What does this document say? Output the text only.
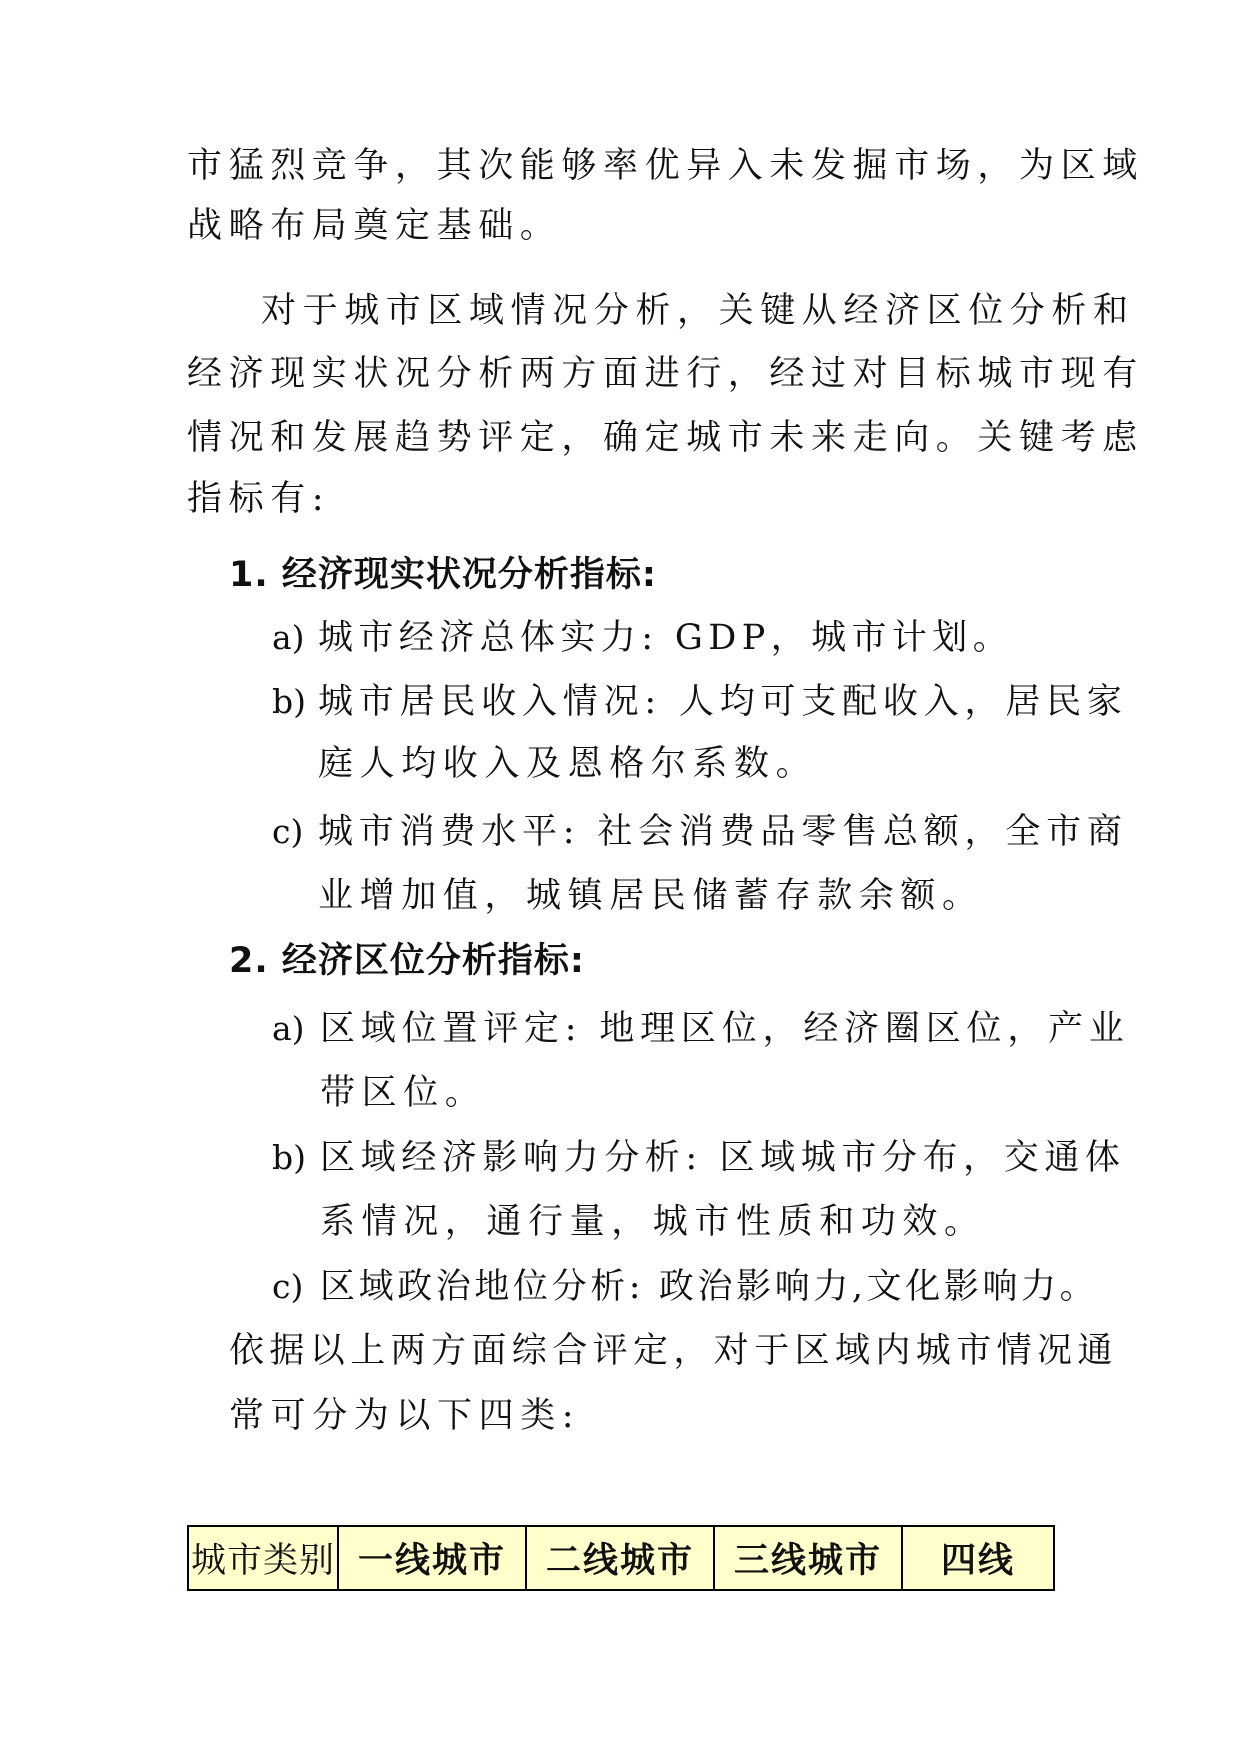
市猛烈竞争，其次能够率优异入未发掘市场，为区域
战略布局奠定基础。
对于城市区域情况分析，关键从经济区位分析和
经济现实状况分析两方面进行，经过对目标城市现有
情况和发展趋势评定，确定城市未来走向。关键考虑
指标有:
1. 经济现实状况分析指标:
a) 城市经济总体实力: GDP，城市计划。
b) 城市居民收入情况: 人均可支配收入，居民家
庭人均收入及恩格尔系数。
c) 城市消费水平: 社会消费品零售总额，全市商
业增加值，城镇居民储蓄存款余额。
2. 经济区位分析指标:
a) 区域位置评定: 地理区位，经济圈区位，产业
带区位。
b) 区域经济影响力分析: 区域城市分布，交通体
系情况，通行量，城市性质和功效。
c) 区域政治地位分析: 政治影响力,文化影响力。
依据以上两方面综合评定，对于区域内城市情况通
常可分为以下四类:
城市类别	一线城市	二线城市	三线城市	四线
